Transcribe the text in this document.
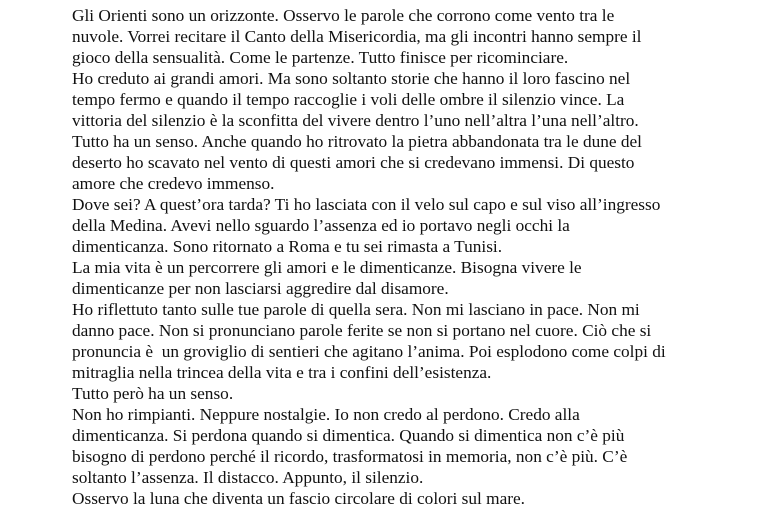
Gli Orienti sono un orizzonte. Osservo le parole che corrono come vento tra le
nuvole. Vorrei recitare il Canto della Misericordia, ma gli incontri hanno sempre il
gioco della sensualità. Come le partenze. Tutto finisce per ricominciare.

Ho creduto ai grandi amori. Ma sono soltanto storie che hanno il loro fascino nel
tempo fermo e quando il tempo raccoglie i voli delle ombre il silenzio vince. La
vittoria del silenzio è la sconfitta del vivere dentro l’uno nell’altra l’una nell’altro.

Tutto ha un senso. Anche quando ho ritrovato la pietra abbandonata tra le dune del
deserto ho scavato nel vento di questi amori che si credevano immensi. Di questo
amore che credevo immenso.

Dove sei? A quest’ora tarda? Ti ho lasciata con il velo sul capo e sul viso all’ingresso
della Medina. Avevi nello sguardo l’assenza ed io portavo negli occhi la
dimenticanza. Sono ritornato a Roma e tu sei rimasta a Tunisi.

La mia vita è un percorrere gli amori e le dimenticanze. Bisogna vivere le
dimenticanze per non lasciarsi aggredire dal disamore.

Ho riflettuto tanto sulle tue parole di quella sera. Non mi lasciano in pace. Non mi
danno pace. Non si pronunciano parole ferite se non si portano nel cuore. Ciò che si
pronuncia è  un groviglio di sentieri che agitano l’anima. Poi esplodono come colpi di
mitraglia nella trincea della vita e tra i confini dell’esistenza.

Tutto però ha un senso.

Non ho rimpianti. Neppure nostalgie. Io non credo al perdono. Credo alla
dimenticanza. Si perdona quando si dimentica. Quando si dimentica non c’è più
bisogno di perdono perché il ricordo, trasformatosi in memoria, non c’è più. C’è
soltanto l’assenza. Il distacco. Appunto, il silenzio.

Osservo la luna che diventa un fascio circolare di colori sul mare.
